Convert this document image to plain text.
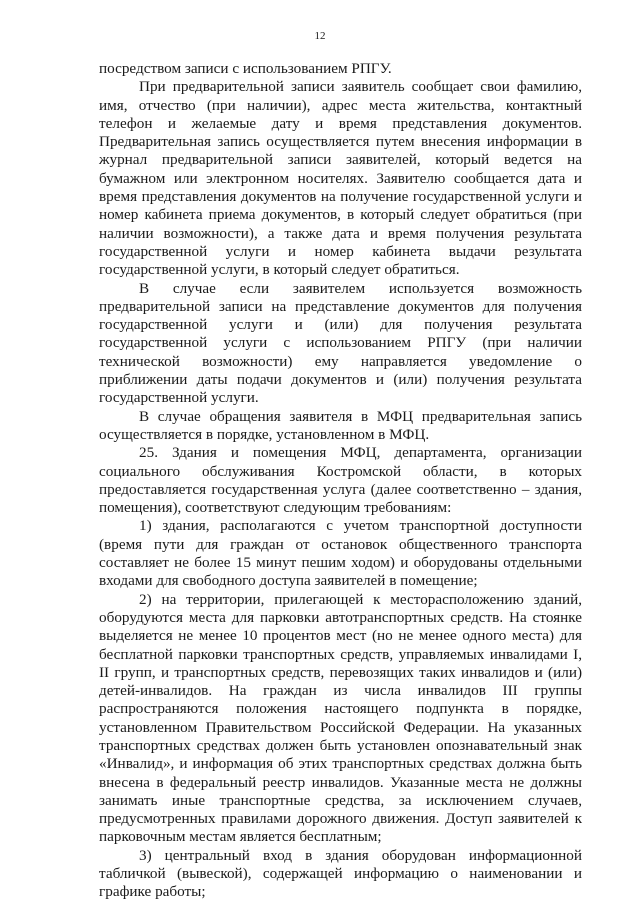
12

посредством записи с использованием РПГУ.

При предварительной записи заявитель сообщает свои фамилию, имя, отчество (при наличии), адрес места жительства, контактный телефон и желаемые дату и время представления документов. Предварительная запись осуществляется путем внесения информации в журнал предварительной записи заявителей, который ведется на бумажном или электронном носителях. Заявителю сообщается дата и время представления документов на получение государственной услуги и номер кабинета приема документов, в который следует обратиться (при наличии возможности), а также дата и время получения результата государственной услуги и номер кабинета выдачи результата государственной услуги, в который следует обратиться.

В случае если заявителем используется возможность предварительной записи на представление документов для получения государственной услуги и (или) для получения результата государственной услуги с использованием РПГУ (при наличии технической возможности) ему направляется уведомление о приближении даты подачи документов и (или) получения результата государственной услуги.

В случае обращения заявителя в МФЦ предварительная запись осуществляется в порядке, установленном в МФЦ.

25. Здания и помещения МФЦ, департамента, организации социального обслуживания Костромской области, в которых предоставляется государственная услуга (далее соответственно – здания, помещения), соответствуют следующим требованиям:

1) здания, располагаются с учетом транспортной доступности (время пути для граждан от остановок общественного транспорта составляет не более 15 минут пешим ходом) и оборудованы отдельными входами для свободного доступа заявителей в помещение;

2) на территории, прилегающей к месторасположению зданий, оборудуются места для парковки автотранспортных средств. На стоянке выделяется не менее 10 процентов мест (но не менее одного места) для бесплатной парковки транспортных средств, управляемых инвалидами I, II групп, и транспортных средств, перевозящих таких инвалидов и (или) детей-инвалидов. На граждан из числа инвалидов III группы распространяются положения настоящего подпункта в порядке, установленном Правительством Российской Федерации. На указанных транспортных средствах должен быть установлен опознавательный знак «Инвалид», и информация об этих транспортных средствах должна быть внесена в федеральный реестр инвалидов. Указанные места не должны занимать иные транспортные средства, за исключением случаев, предусмотренных правилами дорожного движения. Доступ заявителей к парковочным местам является бесплатным;

3) центральный вход в здания оборудован информационной табличкой (вывеской), содержащей информацию о наименовании и графике работы;
